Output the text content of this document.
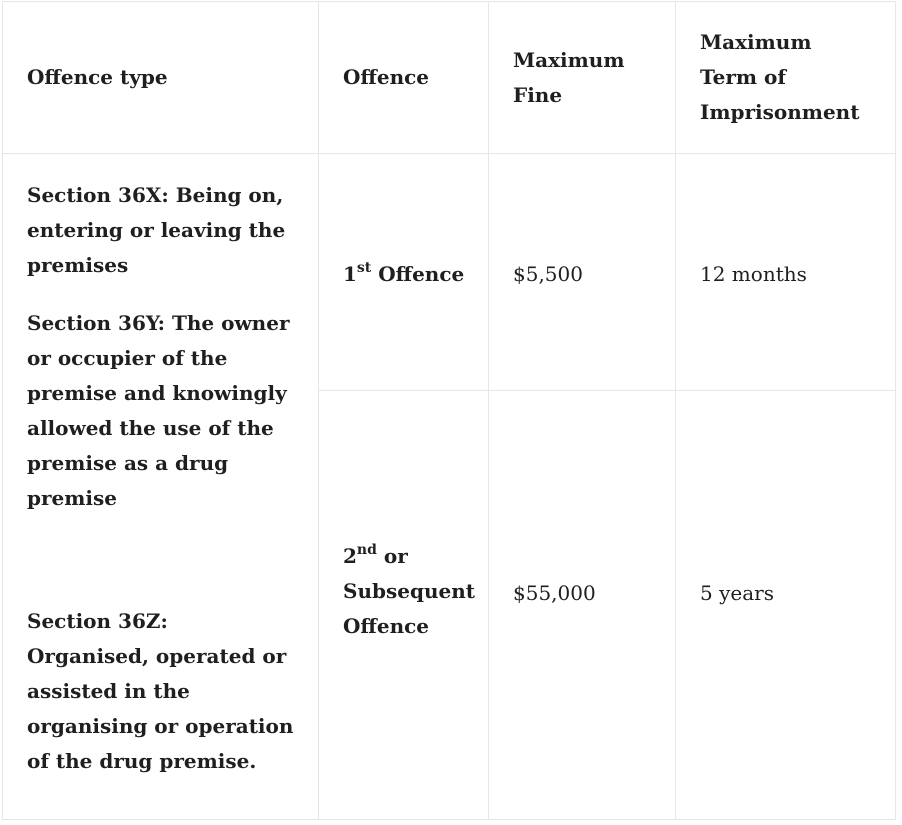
Offence type	Offence	Maximum Fine	Maximum Term of Imprisonment

Section 36X: Being on, entering or leaving the premises
Section 36Y: The owner or occupier of the premise and knowingly allowed the use of the premise as a drug premise
Section 36Z: Organised, operated or assisted in the organising or operation of the drug premise.	1st Offence	$5,500	12 months

	2nd or Subsequent Offence	$55,000	5 years
